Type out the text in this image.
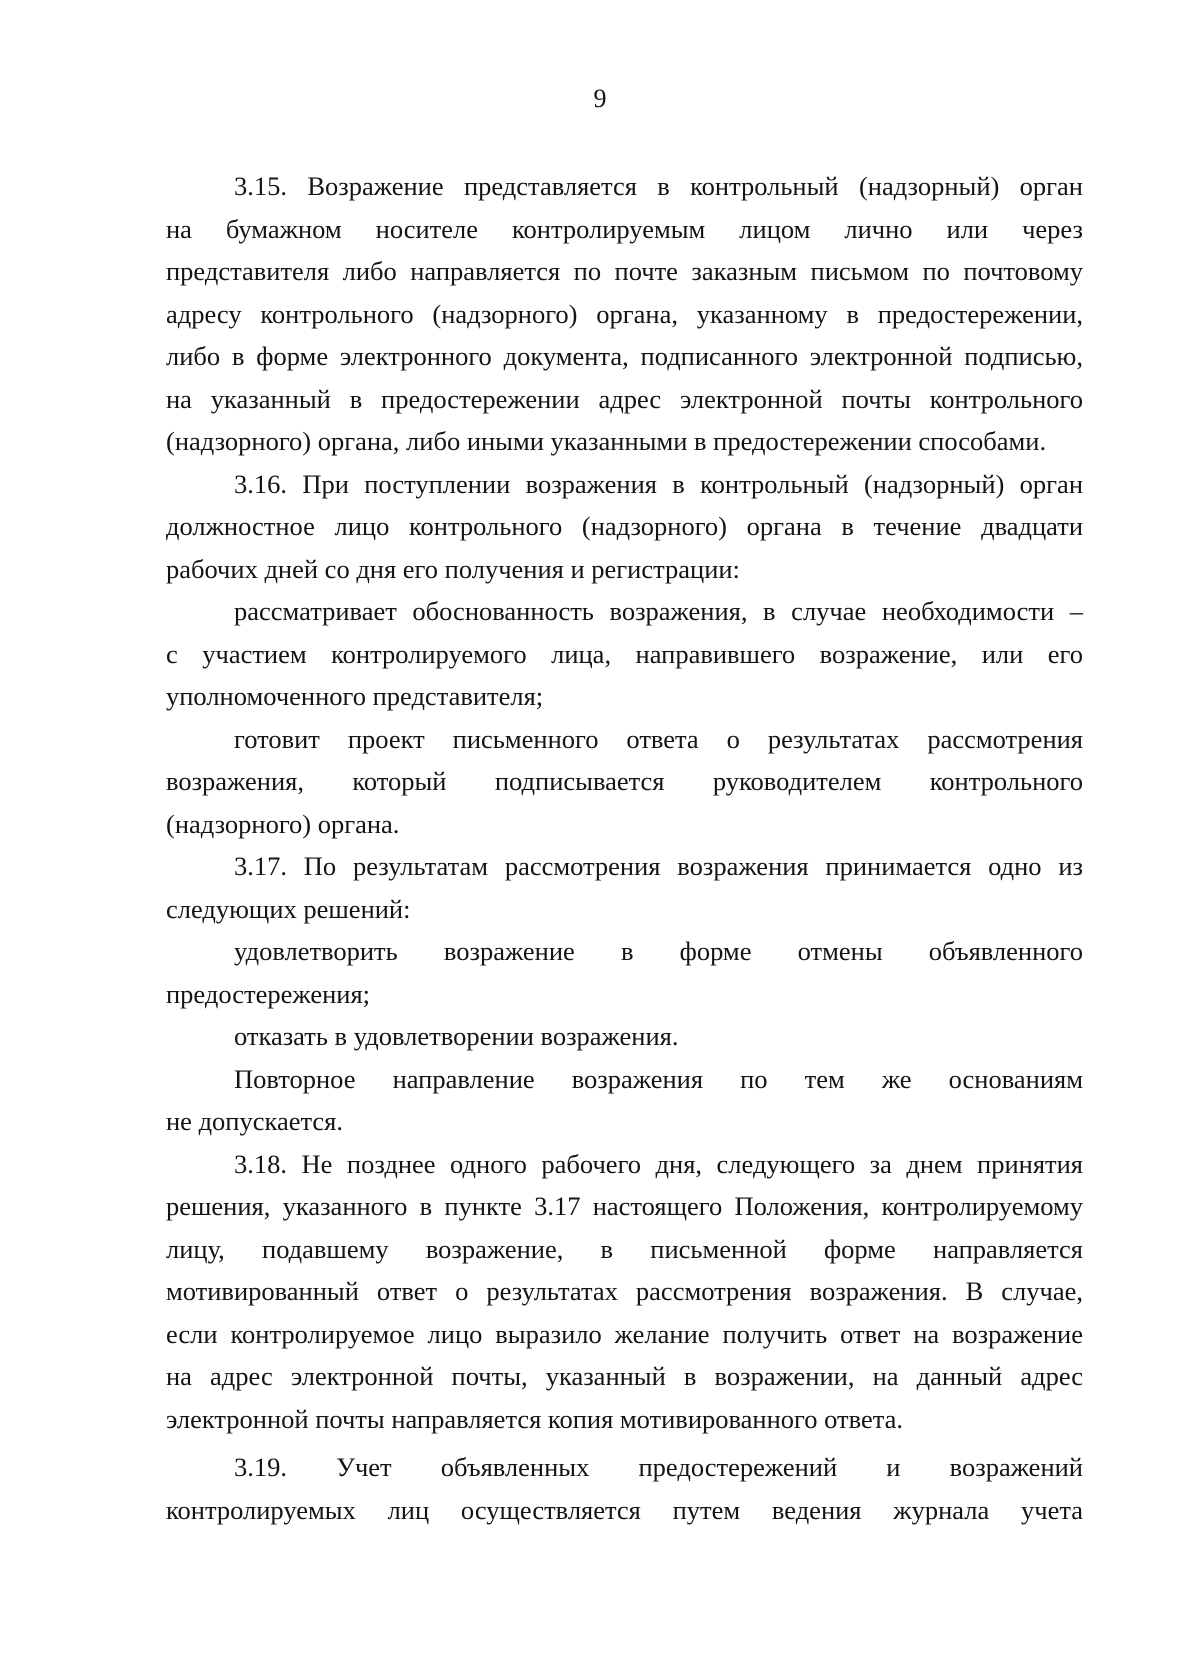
9
3.15. Возражение представляется в контрольный (надзорный) орган
на бумажном носителе контролируемым лицом лично или через
представителя либо направляется по почте заказным письмом по почтовому
адресу контрольного (надзорного) органа, указанному в предостережении,
либо в форме электронного документа, подписанного электронной подписью,
на указанный в предостережении адрес электронной почты контрольного
(надзорного) органа, либо иными указанными в предостережении способами.
3.16. При поступлении возражения в контрольный (надзорный) орган
должностное лицо контрольного (надзорного) органа в течение двадцати
рабочих дней со дня его получения и регистрации:
рассматривает обоснованность возражения, в случае необходимости –
с участием контролируемого лица, направившего возражение, или его
уполномоченного представителя;
готовит проект письменного ответа о результатах рассмотрения
возражения, который подписывается руководителем контрольного
(надзорного) органа.
3.17. По результатам рассмотрения возражения принимается одно из
следующих решений:
удовлетворить возражение в форме отмены объявленного
предостережения;
отказать в удовлетворении возражения.
Повторное направление возражения по тем же основаниям
не допускается.
3.18. Не позднее одного рабочего дня, следующего за днем принятия
решения, указанного в пункте 3.17 настоящего Положения, контролируемому
лицу, подавшему возражение, в письменной форме направляется
мотивированный ответ о результатах рассмотрения возражения. В случае,
если контролируемое лицо выразило желание получить ответ на возражение
на адрес электронной почты, указанный в возражении, на данный адрес
электронной почты направляется копия мотивированного ответа.
3.19. Учет объявленных предостережений и возражений
контролируемых лиц осуществляется путем ведения журнала учета
